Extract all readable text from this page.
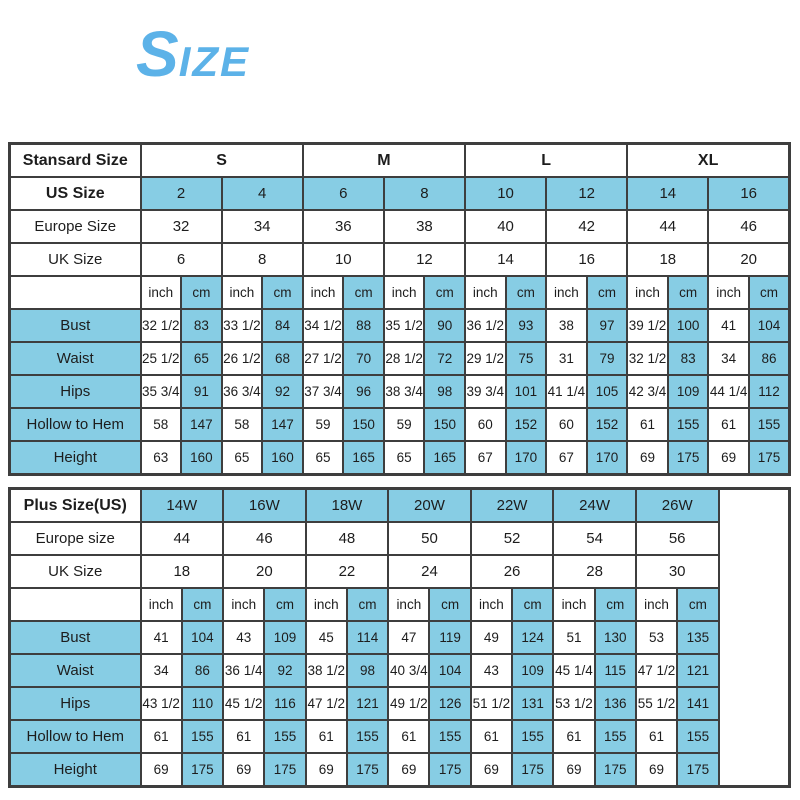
SIZE
Stansard Size	S				M				L				XL			
US Size	2		4		6		8		10		12		14		16	
Europe Size	32		34		36		38		40		42		44		46	
UK Size	6		8		10		12		14		16		18		20	
	inch	cm	inch	cm	inch	cm	inch	cm	inch	cm	inch	cm	inch	cm	inch	cm
Bust	32 1/2	83	33 1/2	84	34 1/2	88	35 1/2	90	36 1/2	93	38	97	39 1/2	100	41	104
Waist	25 1/2	65	26 1/2	68	27 1/2	70	28 1/2	72	29 1/2	75	31	79	32 1/2	83	34	86
Hips	35 3/4	91	36 3/4	92	37 3/4	96	38 3/4	98	39 3/4	101	41 1/4	105	42 3/4	109	44 1/4	112
Hollow to Hem	58	147	58	147	59	150	59	150	60	152	60	152	61	155	61	155
Height	63	160	65	160	65	165	65	165	67	170	67	170	69	175	69	175
Plus Size(US)	14W		16W		18W		20W		22W		24W		26W		
Europe size	44		46		48		50		52		54		56		
UK Size	18		20		22		24		26		28		30		
	inch	cm	inch	cm	inch	cm	inch	cm	inch	cm	inch	cm	inch	cm	
Bust	41	104	43	109	45	114	47	119	49	124	51	130	53	135	
Waist	34	86	36 1/4	92	38 1/2	98	40 3/4	104	43	109	45 1/4	115	47 1/2	121	
Hips	43 1/2	110	45 1/2	116	47 1/2	121	49 1/2	126	51 1/2	131	53 1/2	136	55 1/2	141	
Hollow to Hem	61	155	61	155	61	155	61	155	61	155	61	155	61	155	
Height	69	175	69	175	69	175	69	175	69	175	69	175	69	175	
